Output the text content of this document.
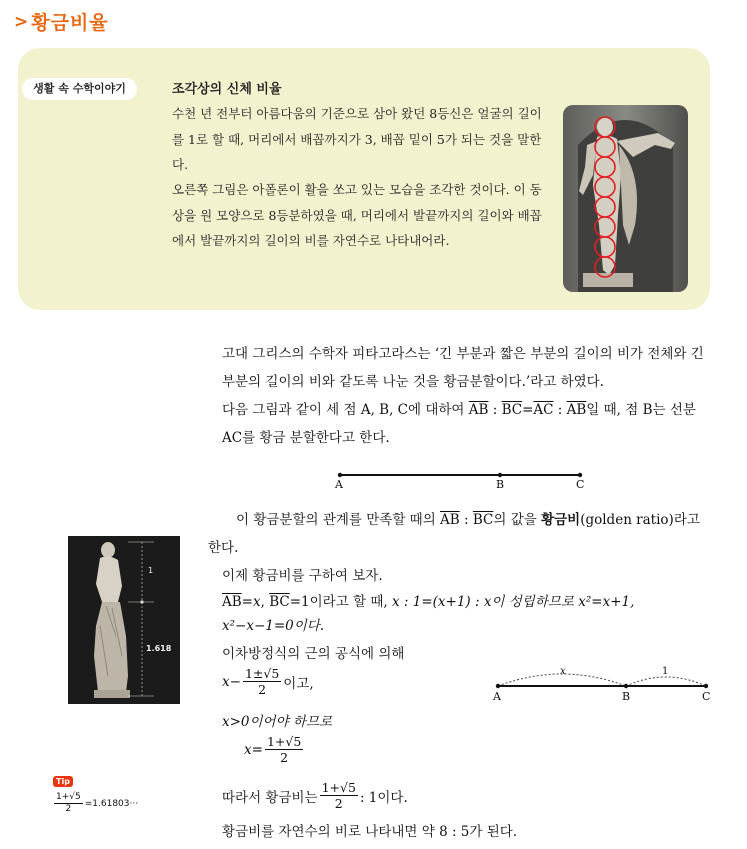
> 황금비율
생활 속 수학이야기	조각상의 신체 비율
수천 년 전부터 아름다움의 기준으로 삼아 왔던 8등신은 얼굴의 길이를 1로 할 때, 머리에서 배꼽까지가 3, 배꼽 밑이 5가 되는 것을 말한다.
오른쪽 그림은 아폴론이 활을 쏘고 있는 모습을 조각한 것이다. 이 동상을 원 모양으로 8등분하였을 때, 머리에서 발끝까지의 길이와 배꼽에서 발끝까지의 길이의 비를 자연수로 나타내어라.
고대 그리스의 수학자 피타고라스는 ‘긴 부분과 짧은 부분의 길이의 비가 전체와 긴 부분의 길이의 비와 같도록 나눈 것을 황금분할이다.’라고 하였다.
다음 그림과 같이 세 점 A, B, C에 대하여 $\overline{AB}$ : $\overline{BC}=\overline{AC}$ : $\overline{AB}$일 때, 점 B는 선분 AC를 황금 분할한다고 한다.
A	B	C
이 황금분할의 관계를 만족할 때의 $\overline{AB}$ : $\overline{BC}$의 값을 황금비(golden ratio)라고 한다.
이제 황금비를 구하여 보자.
$\overline{AB}=x$, $\overline{BC}=1$이라고 할 때, x : 1=(x+1) : x이 성립하므로 x²=x+1,
x²−x−1=0이다.
이차방정식의 근의 공식에 의해
$x- \frac{1\pm√5}{2}$ 이고,
x>0이어야 하므로
$x= \frac{1+√5}{2}$
따라서 황금비는 $\frac{1+√5}{2}$ : 1이다.
황금비를 자연수의 비로 나타내면 약 8 : 5가 된다.
x	1
A	B	C
1
1.618
Tip
$\frac{1+√5}{2} =1.61803\cdot\cdot\cdot$
